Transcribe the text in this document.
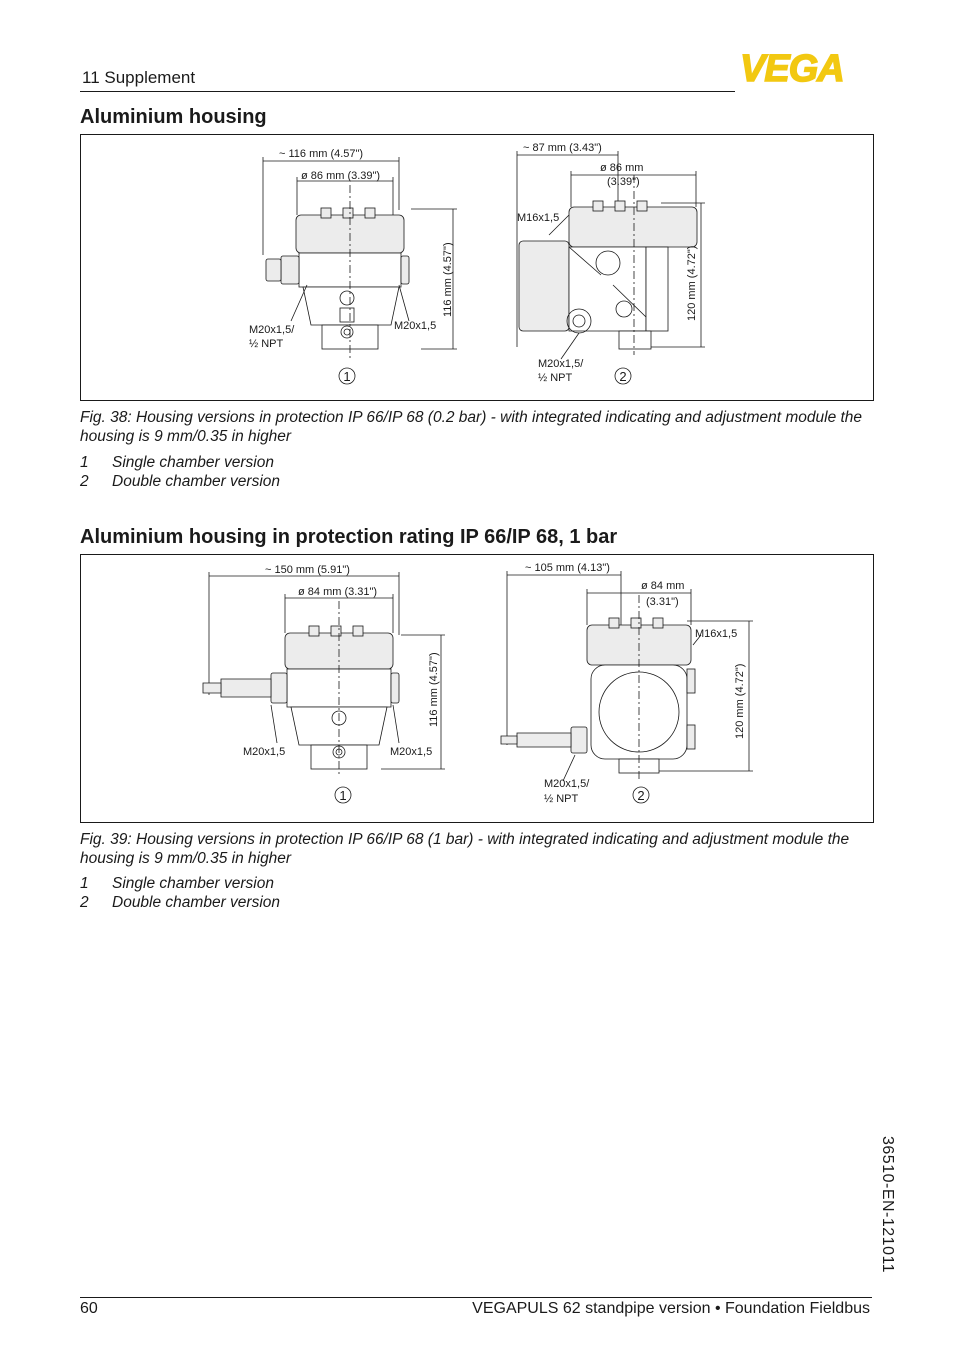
11 Supplement	VEGA
Aluminium housing
~ 116 mm (4.57")
ø 86 mm (3.39")
116 mm (4.57")
M20x1,5/
½ NPT
M20x1,5
~ 87 mm (3.43")
ø 86 mm
(3.39")
120 mm (4.72")
M16x1,5
M20x1,5/
½ NPT
1	2
Fig. 38: Housing versions in protection IP 66/IP 68 (0.2 bar) - with integrated indicating and adjustment module the housing is 9 mm/0.35 in higher
1 Single chamber version
2 Double chamber version
Aluminium housing in protection rating IP 66/IP 68, 1 bar
~ 150 mm (5.91")
ø 84 mm (3.31")
116 mm (4.57")
M20x1,5	M20x1,5
~ 105 mm (4.13")
ø 84 mm
(3.31")
120 mm (4.72")
M16x1,5
M20x1,5/
½ NPT
1	2
Fig. 39: Housing versions in protection IP 66/IP 68 (1 bar) - with integrated indicating and adjustment module the housing is 9 mm/0.35 in higher
1 Single chamber version
2 Double chamber version
36510-EN-121011
60	VEGAPULS 62 standpipe version • Foundation Fieldbus
